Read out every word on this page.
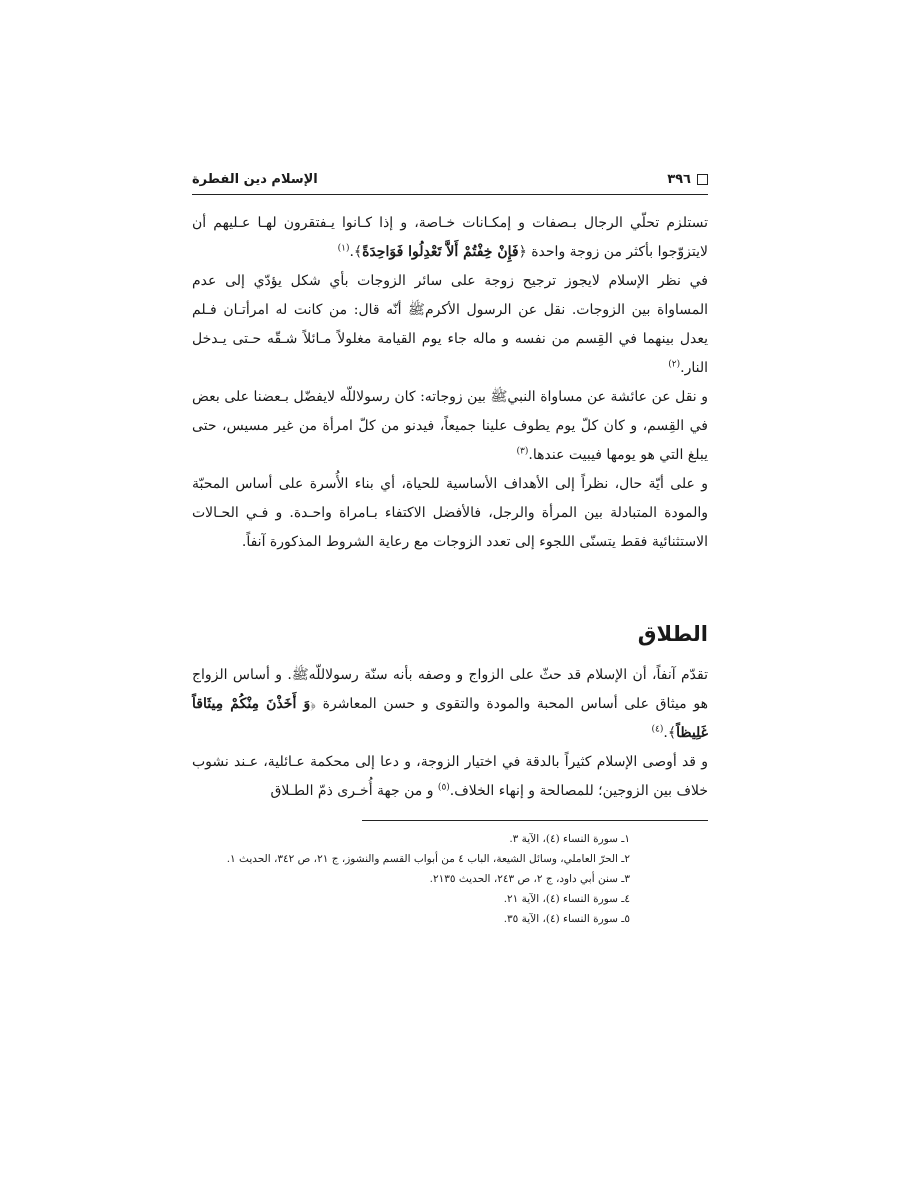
٣٩٦
الإسلام دين الفطرة

تستلزم تحلّي الرجال بـصفات و إمكـانات خـاصة، و إذا كـانوا يـفتقرون لهـا عـليهم أن لايتزوّجوا بأكثر من زوجة واحدة ﴿فَإِنْ خِفْتُمْ أَلاَّ تَعْدِلُوا فَوَاحِدَةً﴾.$^{(١)}$

في نظر الإسلام لايجوز ترجيح زوجة على سائر الزوجات بأي شكل يؤدّي إلى عدم المساواة بين الزوجات. نقل عن الرسول الأكرمﷺ أنّه قال: من كانت له امرأتـان فـلم يعدل بينهما في القِسم من نفسه و ماله جاء يوم القيامة مغلولاً مـائلاً شـقّه حـتى يـدخل النار.$^{(٢)}$

و نقل عن عائشة عن مساواة النبيﷺ بين زوجاته: كان رسولاللّه لايفضّل بـعضنا على بعض في القِسم، و كان كلّ يوم يطوف علينا جميعاً، فيدنو من كلّ امرأة من غير مسيس، حتى يبلغ التي هو يومها فيبيت عندها.$^{(٣)}$

و على أيّة حال، نظراً إلى الأهداف الأساسية للحياة، أي بناء الأُسرة على أساس المحبّة والمودة المتبادلة بين المرأة والرجل، فالأفضل الاكتفاء بـامراة واحـدة. و فـي الحـالات الاستثنائية فقط يتسنّى اللجوء إلى تعدد الزوجات مع رعاية الشروط المذكورة آنفاً.

الطلاق

تقدّم آنفاً، أن الإسلام قد حثّ على الزواج و وصفه بأنه سنّة رسولاللّهﷺ. و أساس الزواج هو ميثاق على أساس المحبة والمودة والتقوى و حسن المعاشرة ﴿وَ أَخَذْنَ مِنْكُمْ مِيثَاقاً غَلِيظاً﴾.$^{(٤)}$

و قد أوصى الإسلام كثيراً بالدقة في اختيار الزوجة، و دعا إلى محكمة عـائلية، عـند نشوب خلاف بين الزوجين؛ للمصالحة و إنهاء الخلاف.$^{(٥)}$ و من جهة أُخـرى ذمّ الطـلاق

١ـ سورة النساء (٤)، الآية ٣.
٢ـ الحرّ العاملي، وسائل الشيعة، الباب ٤ من أبواب القسم والنشوز، ج ٢١، ص ٣٤٢، الحديث ١.
٣ـ سنن أبي داود، ج ٢، ص ٢٤٣، الحديث ٢١٣٥.
٤ـ سورة النساء (٤)، الآية ٢١.
٥ـ سورة النساء (٤)، الآية ٣٥.
